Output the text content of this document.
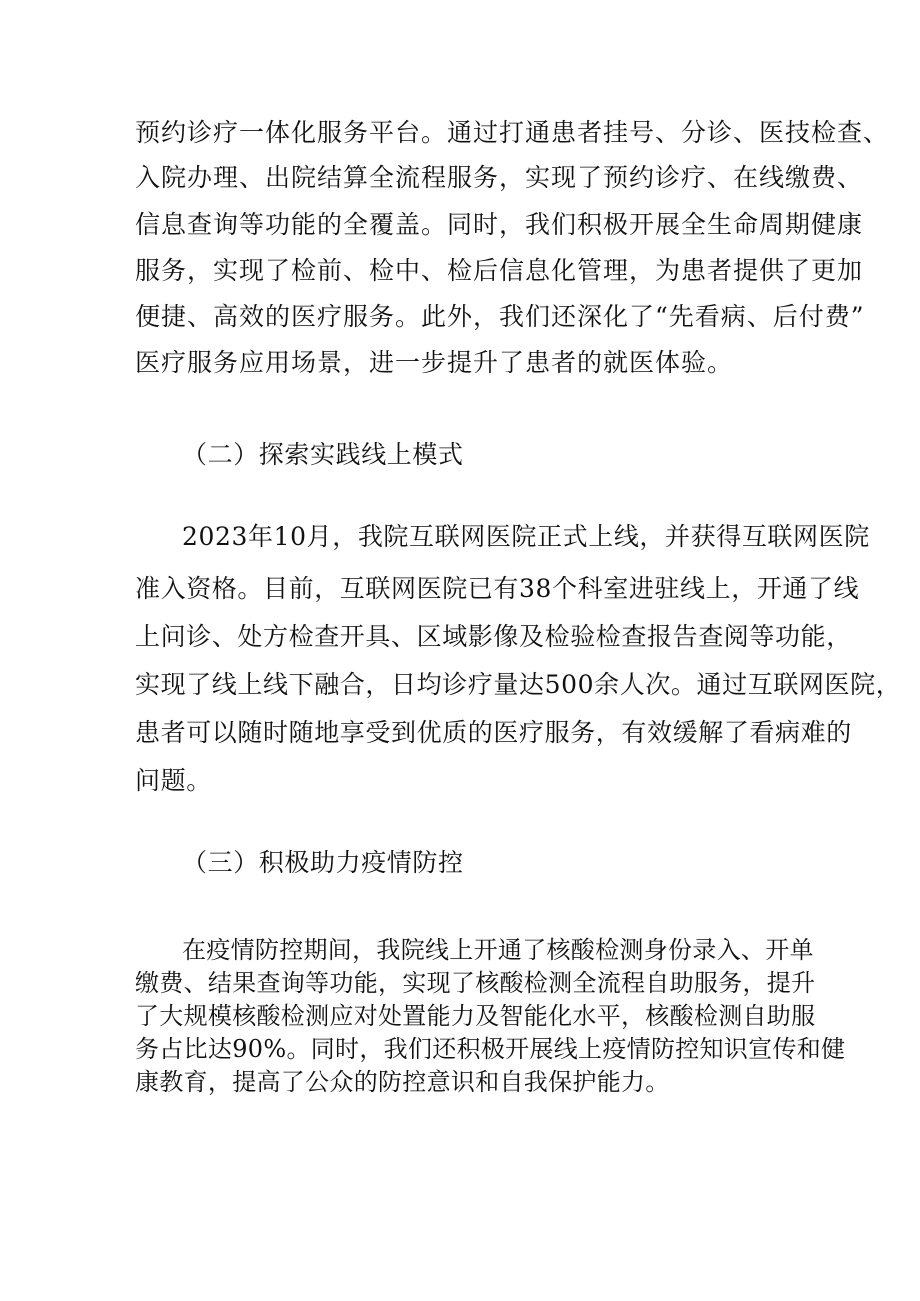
预约诊疗一体化服务平台。通过打通患者挂号、分诊、医技检查、
入院办理、出院结算全流程服务，实现了预约诊疗、在线缴费、
信息查询等功能的全覆盖。同时，我们积极开展全生命周期健康
服务，实现了检前、检中、检后信息化管理，为患者提供了更加
便捷、高效的医疗服务。此外，我们还深化了“先看病、后付费”
医疗服务应用场景，进一步提升了患者的就医体验。
（二）探索实践线上模式
2023年10月，我院互联网医院正式上线，并获得互联网医院
准入资格。目前，互联网医院已有38个科室进驻线上，开通了线
上问诊、处方检查开具、区域影像及检验检查报告查阅等功能，
实现了线上线下融合，日均诊疗量达500余人次。通过互联网医院，
患者可以随时随地享受到优质的医疗服务，有效缓解了看病难的
问题。
（三）积极助力疫情防控
在疫情防控期间，我院线上开通了核酸检测身份录入、开单
缴费、结果查询等功能，实现了核酸检测全流程自助服务，提升
了大规模核酸检测应对处置能力及智能化水平，核酸检测自助服
务占比达90%。同时，我们还积极开展线上疫情防控知识宣传和健
康教育，提高了公众的防控意识和自我保护能力。
